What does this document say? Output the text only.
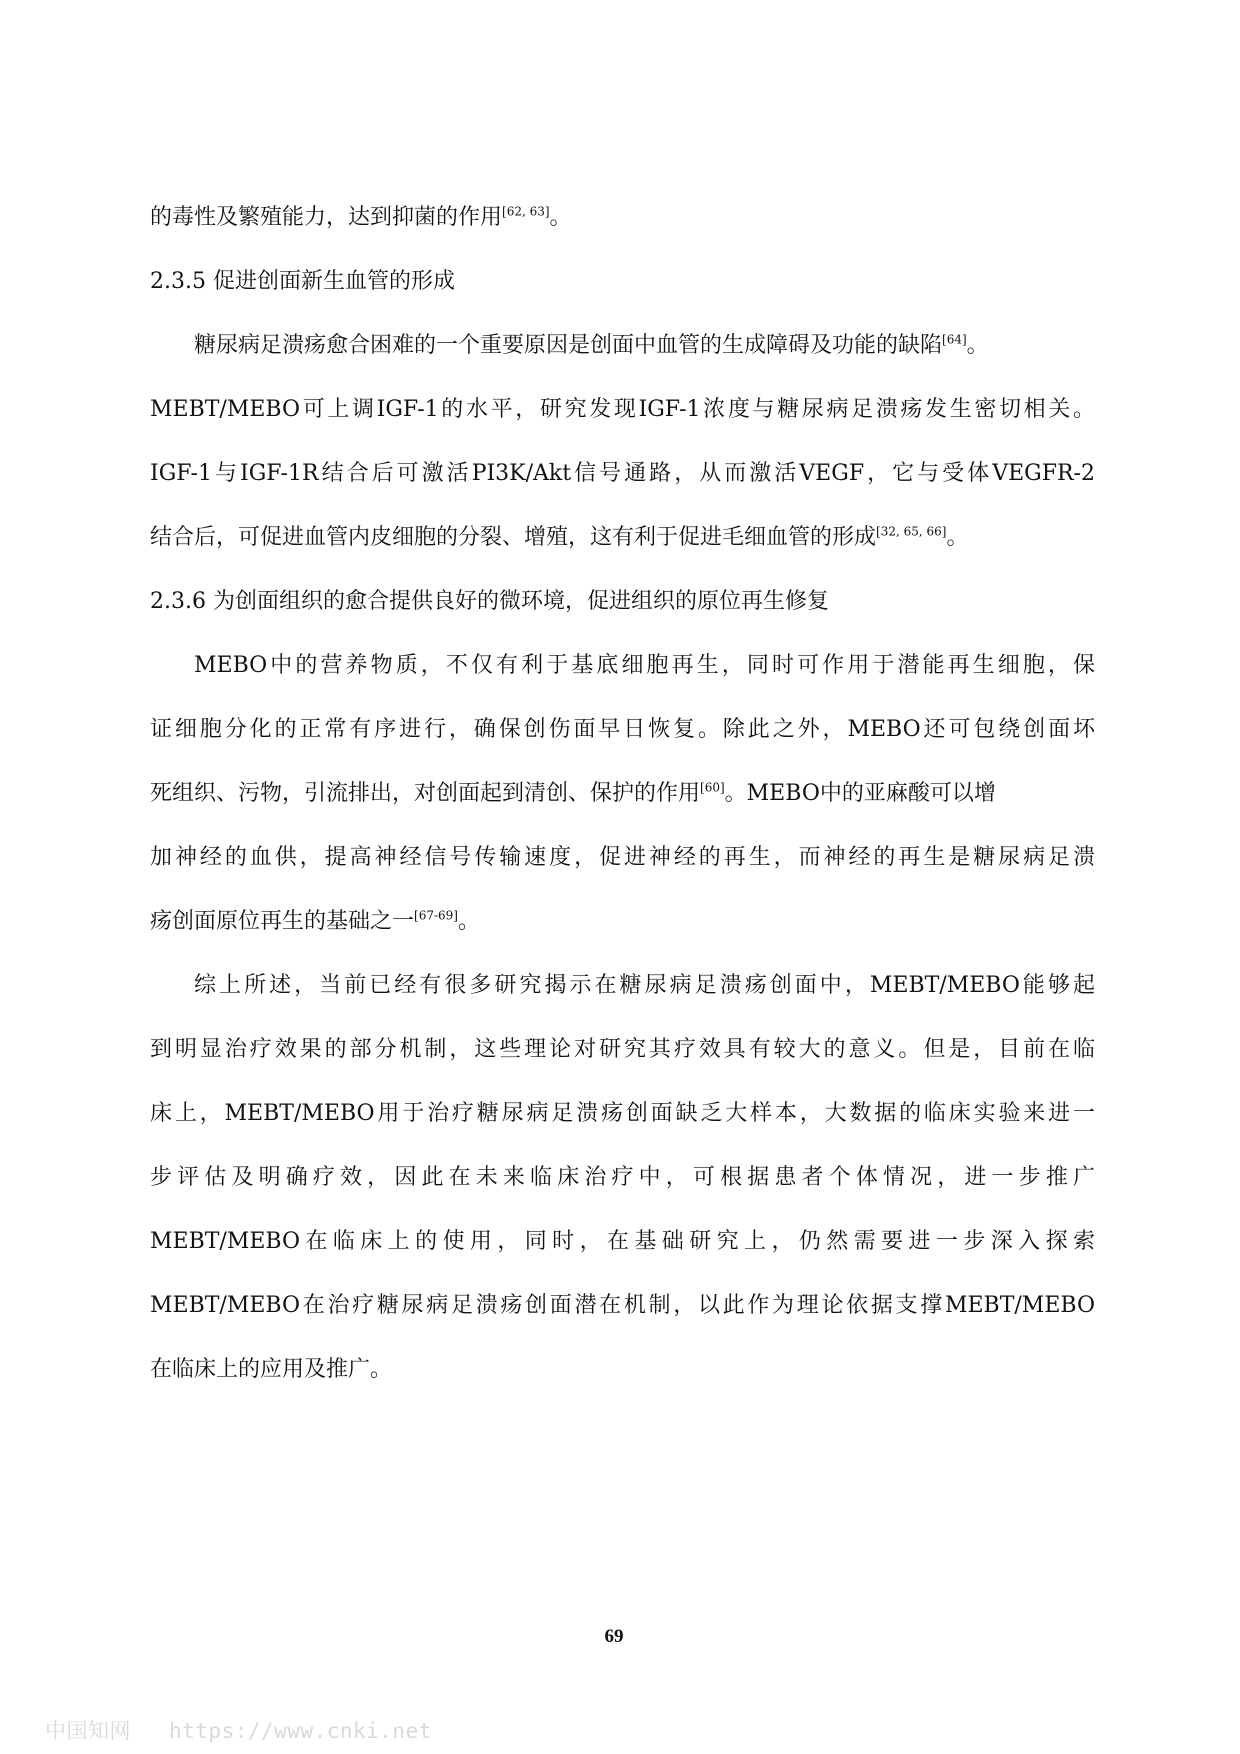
的毒性及繁殖能力，达到抑菌的作用[62, 63]。
2.3.5 促进创面新生血管的形成
糖尿病足溃疡愈合困难的一个重要原因是创面中血管的生成障碍及功能的缺陷[64]。
MEBT/MEBO可上调IGF-1的水平，研究发现IGF-1浓度与糖尿病足溃疡发生密切相关。
IGF-1与IGF-1R结合后可激活PI3K/Akt信号通路，从而激活VEGF，它与受体VEGFR-2
结合后，可促进血管内皮细胞的分裂、增殖，这有利于促进毛细血管的形成[32, 65, 66]。
2.3.6 为创面组织的愈合提供良好的微环境，促进组织的原位再生修复
MEBO中的营养物质，不仅有利于基底细胞再生，同时可作用于潜能再生细胞，保
证细胞分化的正常有序进行，确保创伤面早日恢复。除此之外，MEBO还可包绕创面坏
死组织、污物，引流排出，对创面起到清创、保护的作用[60]。MEBO中的亚麻酸可以增
加神经的血供，提高神经信号传输速度，促进神经的再生，而神经的再生是糖尿病足溃
疡创面原位再生的基础之一[67-69]。
综上所述，当前已经有很多研究揭示在糖尿病足溃疡创面中，MEBT/MEBO能够起
到明显治疗效果的部分机制，这些理论对研究其疗效具有较大的意义。但是，目前在临
床上，MEBT/MEBO用于治疗糖尿病足溃疡创面缺乏大样本，大数据的临床实验来进一
步评估及明确疗效，因此在未来临床治疗中，可根据患者个体情况，进一步推广
MEBT/MEBO在临床上的使用，同时，在基础研究上，仍然需要进一步深入探索
MEBT/MEBO在治疗糖尿病足溃疡创面潜在机制，以此作为理论依据支撑MEBT/MEBO
在临床上的应用及推广。
69
中国知网 https://www.cnki.net
